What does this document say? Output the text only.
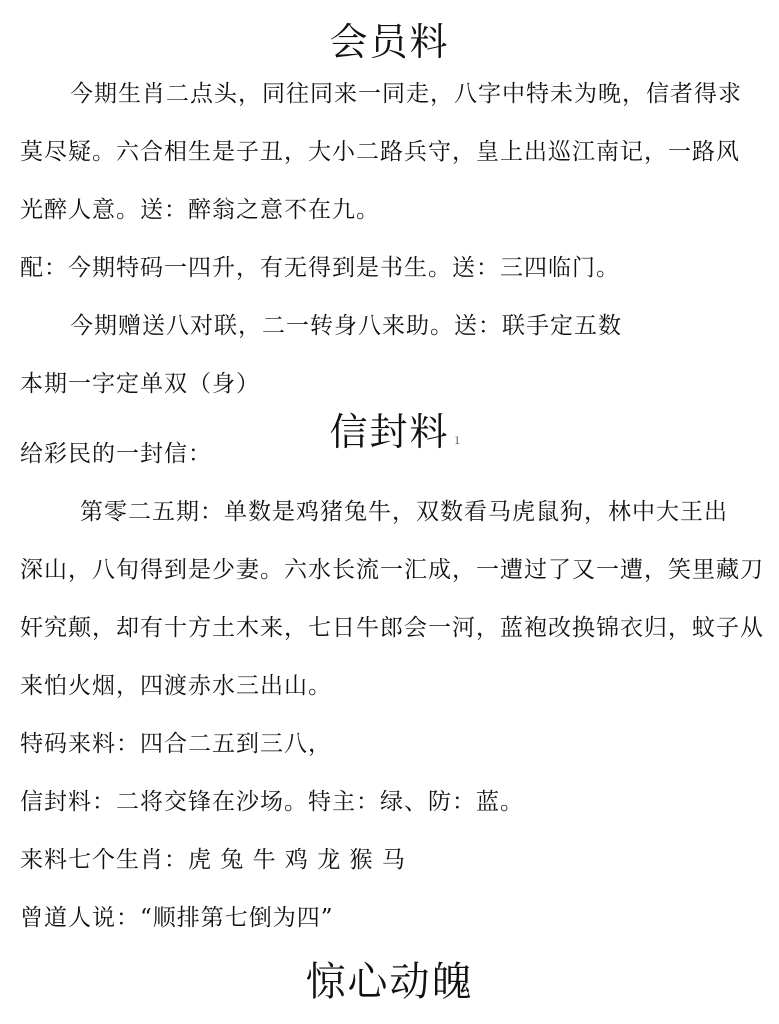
会员料
今期生肖二点头，同往同来一同走，八字中特未为晚，信者得求
莫尽疑。六合相生是子丑，大小二路兵守，皇上出巡江南记，一路风
光醉人意。送：醉翁之意不在九。
配：今期特码一四升，有无得到是书生。送：三四临门。
今期赠送八对联，二一转身八来助。送：联手定五数
本期一字定单双（身）
信封料 ı
给彩民的一封信：
第零二五期：单数是鸡猪兔牛，双数看马虎鼠狗，林中大王出
深山，八旬得到是少妻。六水长流一汇成，一遭过了又一遭，笑里藏刀
奸究颠，却有十方土木来，七日牛郎会一河，蓝袍改换锦衣归，蚊子从
来怕火烟，四渡赤水三出山。
特码来料：四合二五到三八，
信封料：二将交锋在沙场。特主：绿、防：蓝。
来料七个生肖：虎 兔 牛 鸡 龙 猴 马
曾道人说：“顺排第七倒为四”
惊心动魄
